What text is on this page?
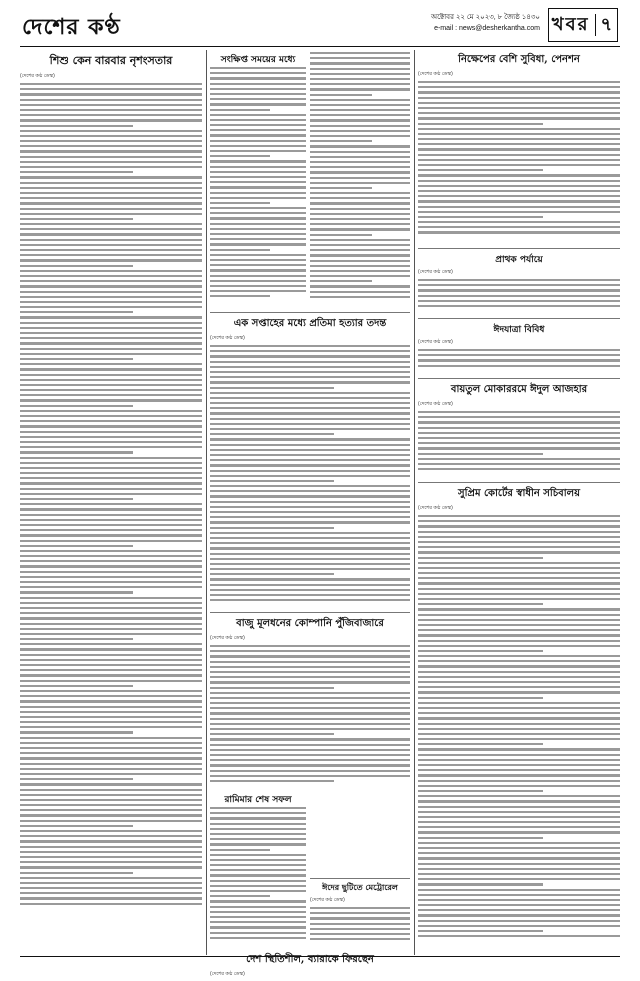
দেশের কণ্ঠ	অক্টোবর ২২ মে ২০২৩, ৮ জ্যৈষ্ঠ ১৪৩০
e-mail : news@desherkantha.com খবর ৭
শিশু কেন বারবার নৃশংসতার
(দেশের কণ্ঠ ডেস্ক)
সংক্ষিপ্ত সময়ের মধ্যে
এক সপ্তাহের মধ্যে প্রতিমা হত্যার তদন্ত
(দেশের কণ্ঠ ডেস্ক)
বাজু মূলধনের কোম্পানি পুঁজিবাজারে
(দেশের কণ্ঠ ডেস্ক)
রামিমার শেষ সফল
ঈদের ছুটিতে মেট্রোরেল
(দেশের কণ্ঠ ডেস্ক)
দেশ স্থিতিশীল, ব্যারাকে ফিরছেন
(দেশের কণ্ঠ ডেস্ক)
নিক্ষেপের বেশি সুবিধা, পেনশন
(দেশের কণ্ঠ ডেস্ক)
প্রাথক পর্যায়ে
(দেশের কণ্ঠ ডেস্ক)
ঈদযাত্রা বিবিধ
(দেশের কণ্ঠ ডেস্ক)
বায়তুল মোকাররমে ঈদুল আজহার
(দেশের কণ্ঠ ডেস্ক)
সুপ্রিম কোর্টের স্বাধীন সচিবালয়
(দেশের কণ্ঠ ডেস্ক)
